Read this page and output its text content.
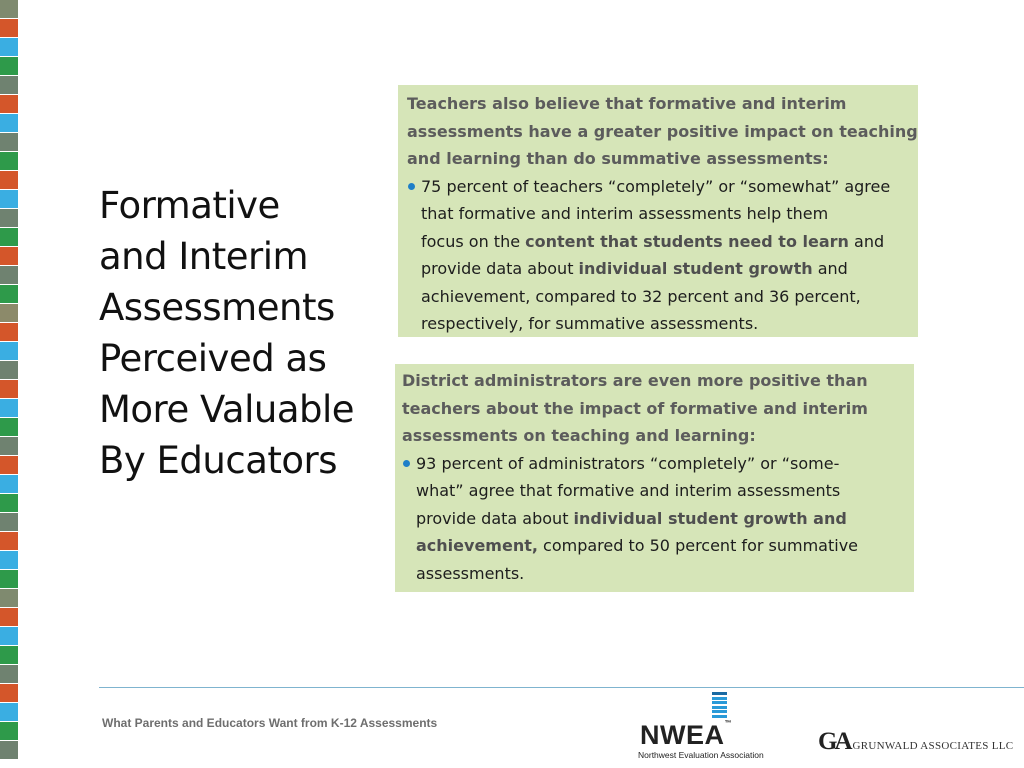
Formative
and Interim
Assessments
Perceived as
More Valuable
By Educators
Teachers also believe that formative and interim
assessments have a greater positive impact on teaching
and learning than do summative assessments:
75 percent of teachers “completely” or “somewhat” agree
that formative and interim assessments help them
focus on the content that students need to learn and
provide data about individual student growth and
achievement, compared to 32 percent and 36 percent,
respectively, for summative assessments.
District administrators are even more positive than
teachers about the impact of formative and interim
assessments on teaching and learning:
93 percent of administrators “completely” or “some-
what” agree that formative and interim assessments
provide data about individual student growth and
achievement, compared to 50 percent for summative
assessments.
What Parents and Educators Want from K-12 Assessments	NWEA™
Northwest Evaluation Association GA GRUNWALD ASSOCIATES LLC
